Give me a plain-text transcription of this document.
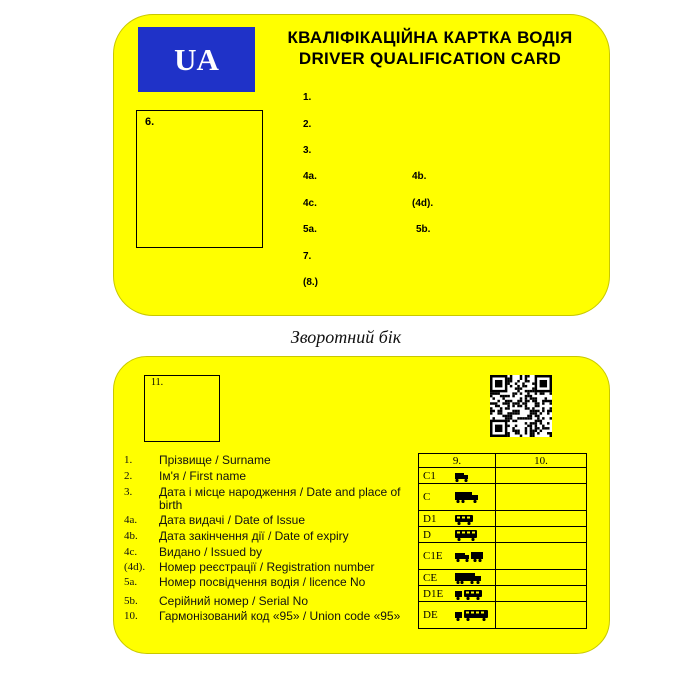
UA
КВАЛІФІКАЦІЙНА КАРТКА ВОДІЯ
DRIVER QUALIFICATION CARD
6.
1.
2.
3.
4a.	4b.
4c.	(4d).
5a.	5b.
7.
(8.)
Зворотний бік
11.
1. Прізвище / Surname
2. Ім'я / First name
3. Дата і місце народження / Date and place of birth
4a. Дата видачі / Date of Issue
4b. Дата закінчення дії / Date of expiry
4c. Видано / Issued by
(4d). Номер реєстрації / Registration number
5a. Номер посвідчення водія / licence No
5b. Серійний номер / Serial No
10. Гармонізований код «95» / Union code «95»
9.	10.

C1	

C	

D1	

D	

C1E	

CE	

D1E	

DE	
